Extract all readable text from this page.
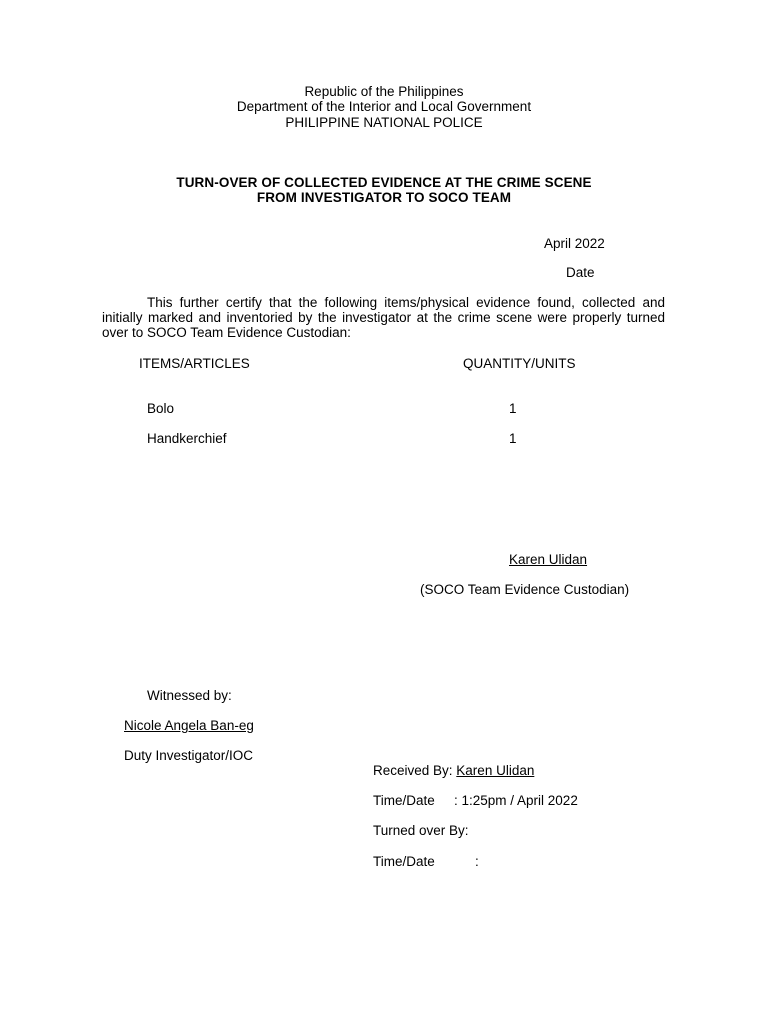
Republic of the Philippines
Department of the Interior and Local Government
PHILIPPINE NATIONAL POLICE
TURN-OVER OF COLLECTED EVIDENCE AT THE CRIME SCENE
FROM INVESTIGATOR TO SOCO TEAM
April 2022
Date
This further certify that the following items/physical evidence found, collected and initially marked and inventoried by the investigator at the crime scene were properly turned over to SOCO Team Evidence Custodian:
ITEMS/ARTICLES	QUANTITY/UNITS
Bolo	1
Handkerchief	1
Karen Ulidan
(SOCO Team Evidence Custodian)
Witnessed by:
Nicole Angela Ban-eg
Duty Investigator/IOC
Received By: Karen Ulidan
Time/Date : 1:25pm / April 2022
Turned over By:
Time/Date	:
